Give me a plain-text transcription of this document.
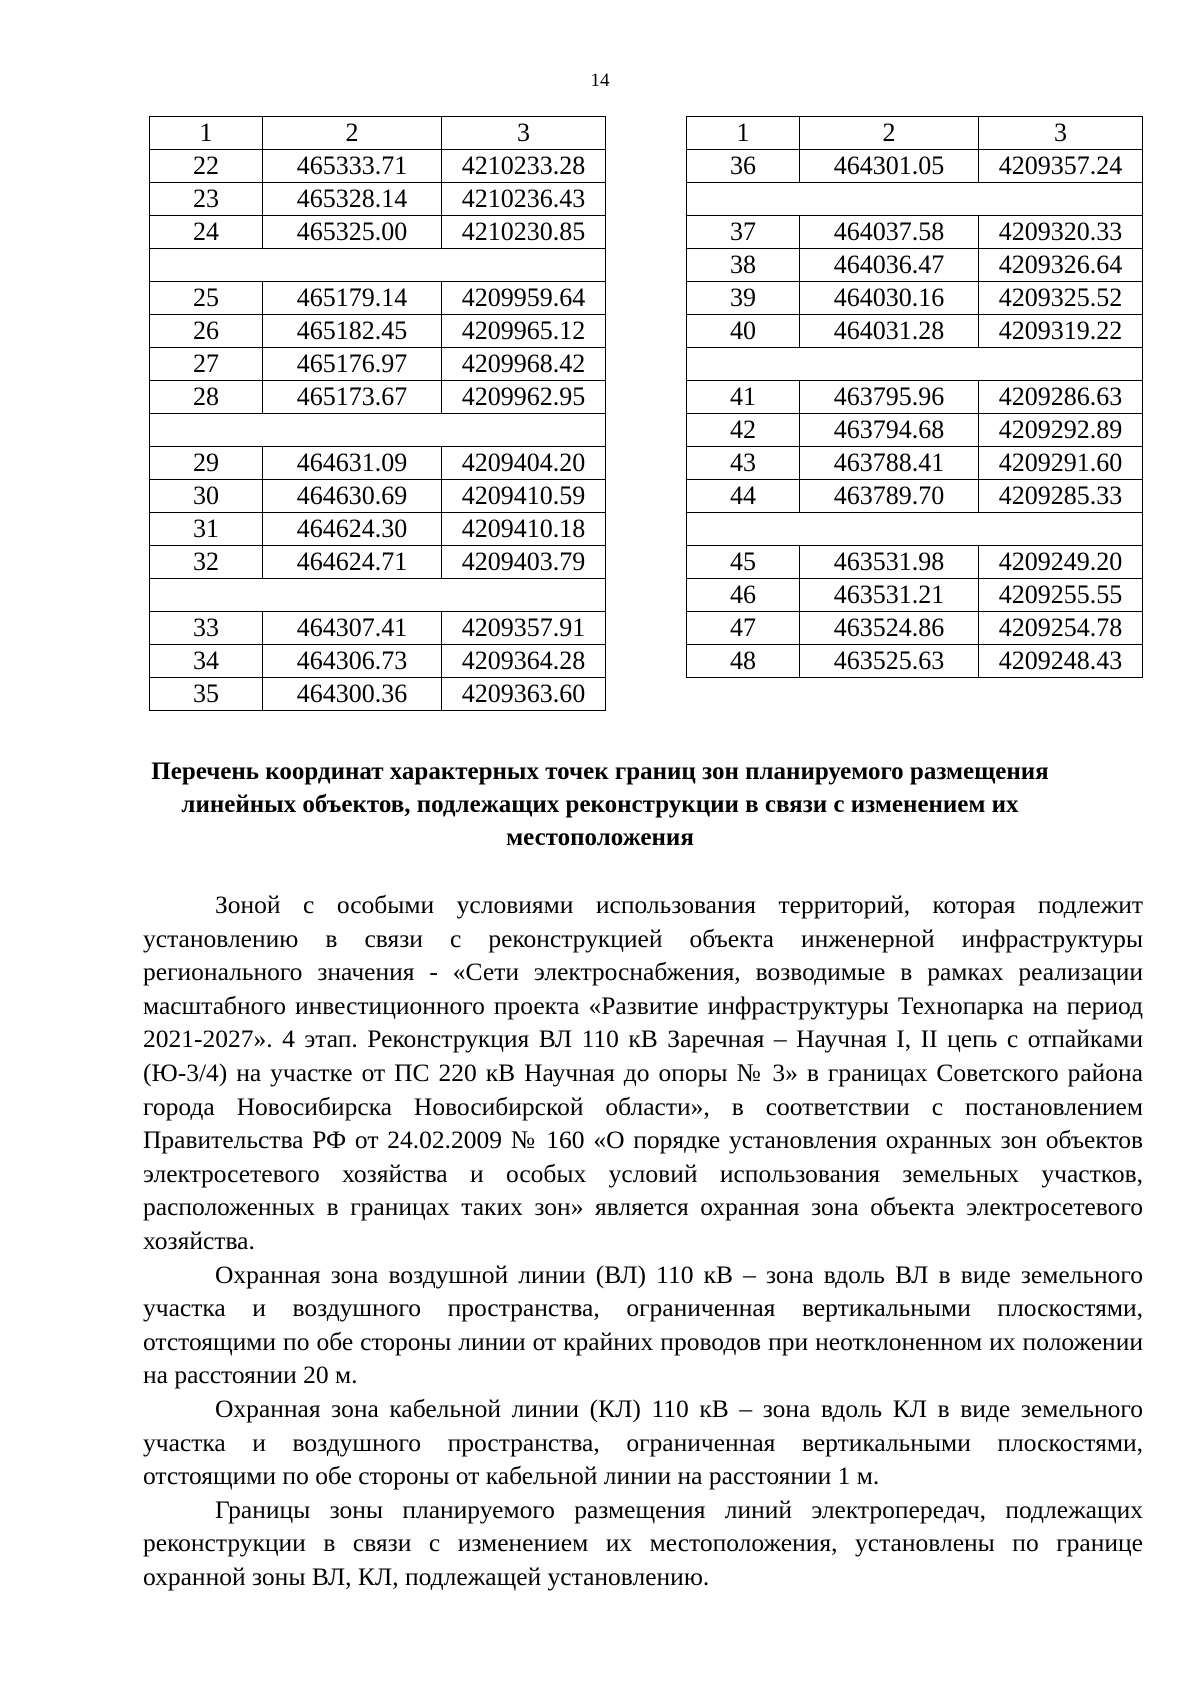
14
1	2	3
22	465333.71	4210233.28
23	465328.14	4210236.43
24	465325.00	4210230.85

25	465179.14	4209959.64
26	465182.45	4209965.12
27	465176.97	4209968.42
28	465173.67	4209962.95

29	464631.09	4209404.20
30	464630.69	4209410.59
31	464624.30	4209410.18
32	464624.71	4209403.79

33	464307.41	4209357.91
34	464306.73	4209364.28
35	464300.36	4209363.60
1	2	3
36	464301.05	4209357.24

37	464037.58	4209320.33
38	464036.47	4209326.64
39	464030.16	4209325.52
40	464031.28	4209319.22

41	463795.96	4209286.63
42	463794.68	4209292.89
43	463788.41	4209291.60
44	463789.70	4209285.33

45	463531.98	4209249.20
46	463531.21	4209255.55
47	463524.86	4209254.78
48	463525.63	4209248.43
Перечень координат характерных точек границ зон планируемого размещения линейных объектов, подлежащих реконструкции в связи с изменением их местоположения

Зоной с особыми условиями использования территорий, которая подлежит установлению в связи с реконструкцией объекта инженерной инфраструктуры регионального значения - «Сети электроснабжения, возводимые в рамках реализации масштабного инвестиционного проекта «Развитие инфраструктуры Технопарка на период 2021-2027». 4 этап. Реконструкция ВЛ 110 кВ Заречная – Научная I, II цепь с отпайками (Ю-3/4) на участке от ПС 220 кВ Научная до опоры № 3» в границах Советского района города Новосибирска Новосибирской области», в соответствии с постановлением Правительства РФ от 24.02.2009 № 160 «О порядке установления охранных зон объектов электросетевого хозяйства и особых условий использования земельных участков, расположенных в границах таких зон» является охранная зона объекта электросетевого хозяйства.

Охранная зона воздушной линии (ВЛ) 110 кВ – зона вдоль ВЛ в виде земельного участка и воздушного пространства, ограниченная вертикальными плоскостями, отстоящими по обе стороны линии от крайних проводов при неотклоненном их положении на расстоянии 20 м.

Охранная зона кабельной линии (КЛ) 110 кВ – зона вдоль КЛ в виде земельного участка и воздушного пространства, ограниченная вертикальными плоскостями, отстоящими по обе стороны от кабельной линии на расстоянии 1 м.

Границы зоны планируемого размещения линий электропередач, подлежащих реконструкции в связи с изменением их местоположения, установлены по границе охранной зоны ВЛ, КЛ, подлежащей установлению.
